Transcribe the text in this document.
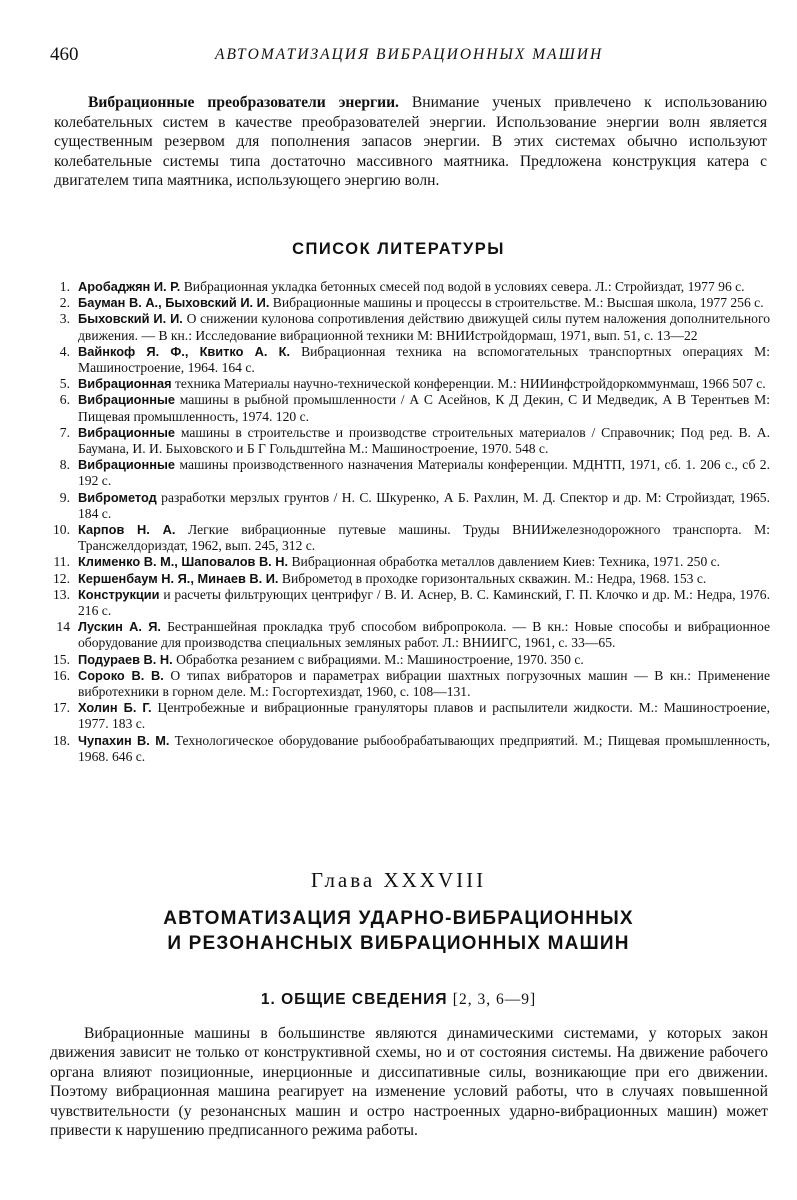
460	АВТОМАТИЗАЦИЯ ВИБРАЦИОННЫХ МАШИН

Вибрационные преобразователи энергии. Внимание ученых привлечено к использованию колебательных систем в качестве преобразователей энергии. Использование энергии волн является существенным резервом для пополнения запасов энергии. В этих системах обычно используют колебательные системы типа достаточно массивного маятника. Предложена конструкция катера с двигателем типа маятника, использующего энергию волн.

СПИСОК ЛИТЕРАТУРЫ
1. Аробаджян И. Р. Вибрационная укладка бетонных смесей под водой в условиях севера. Л.: Стройиздат, 1977 96 с.
2. Бауман В. А., Быховский И. И. Вибрационные машины и процессы в строительстве. М.: Высшая школа, 1977 256 с.
3. Быховский И. И. О снижении кулонова сопротивления действию движущей силы путем наложения дополнительного движения. — В кн.: Исследование вибрационной техники М: ВНИИстройдормаш, 1971, вып. 51, с. 13—22
4. Вайнкоф Я. Ф., Квитко А. К. Вибрационная техника на вспомогательных транспортных операциях М: Машиностроение, 1964. 164 с.
5. Вибрационная техника Материалы научно-технической конференции. М.: НИИинфстройдоркоммунмаш, 1966 507 с.
6. Вибрационные машины в рыбной промышленности / А С Асейнов, К Д Декин, С И Медведик, А В Терентьев М: Пищевая промышленность, 1974. 120 с.
7. Вибрационные машины в строительстве и производстве строительных материалов / Справочник; Под ред. В. А. Баумана, И. И. Быховского и Б Г Гольдштейна М.: Машиностроение, 1970. 548 с.
8. Вибрационные машины производственного назначения Материалы конференции. МДНТП, 1971, сб. 1. 206 с., сб 2. 192 с.
9. Виброметод разработки мерзлых грунтов / Н. С. Шкуренко, А Б. Рахлин, М. Д. Спектор и др. М: Стройиздат, 1965. 184 с.
10. Карпов Н. А. Легкие вибрационные путевые машины. Труды ВНИИжелезнодорожного транспорта. М: Трансжелдориздат, 1962, вып. 245, 312 с.
11. Клименко В. М., Шаповалов В. Н. Вибрационная обработка металлов давлением Киев: Техника, 1971. 250 с.
12. Кершенбаум Н. Я., Минаев В. И. Виброметод в проходке горизонтальных скважин. М.: Недра, 1968. 153 с.
13. Конструкции и расчеты фильтрующих центрифуг / В. И. Аснер, В. С. Каминский, Г. П. Клочко и др. М.: Недра, 1976. 216 с.
14 Лускин А. Я. Бестраншейная прокладка труб способом вибропрокола. — В кн.: Новые способы и вибрационное оборудование для производства специальных земляных работ. Л.: ВНИИГС, 1961, с. 33—65.
15. Подураев В. Н. Обработка резанием с вибрациями. М.: Машиностроение, 1970. 350 с.
16. Сороко В. В. О типах вибраторов и параметрах вибрации шахтных погрузочных машин — В кн.: Применение вибротехники в горном деле. М.: Госгортехиздат, 1960, с. 108—131.
17. Холин Б. Г. Центробежные и вибрационные грануляторы плавов и распылители жидкости. М.: Машиностроение, 1977. 183 с.
18. Чупахин В. М. Технологическое оборудование рыбообрабатывающих предприятий. М.; Пищевая промышленность, 1968. 646 с.
Глава XXXVIII
АВТОМАТИЗАЦИЯ УДАРНО-ВИБРАЦИОННЫХ
И РЕЗОНАНСНЫХ ВИБРАЦИОННЫХ МАШИН
1. ОБЩИЕ СВЕДЕНИЯ [2, 3, 6—9]

Вибрационные машины в большинстве являются динамическими системами, у которых закон движения зависит не только от конструктивной схемы, но и от состояния системы. На движение рабочего органа влияют позиционные, инерционные и диссипативные силы, возникающие при его движении. Поэтому вибрационная машина реагирует на изменение условий работы, что в случаях повышенной чувствительности (у резонансных машин и остро настроенных ударно-вибрационных машин) может привести к нарушению предписанного режима работы.
